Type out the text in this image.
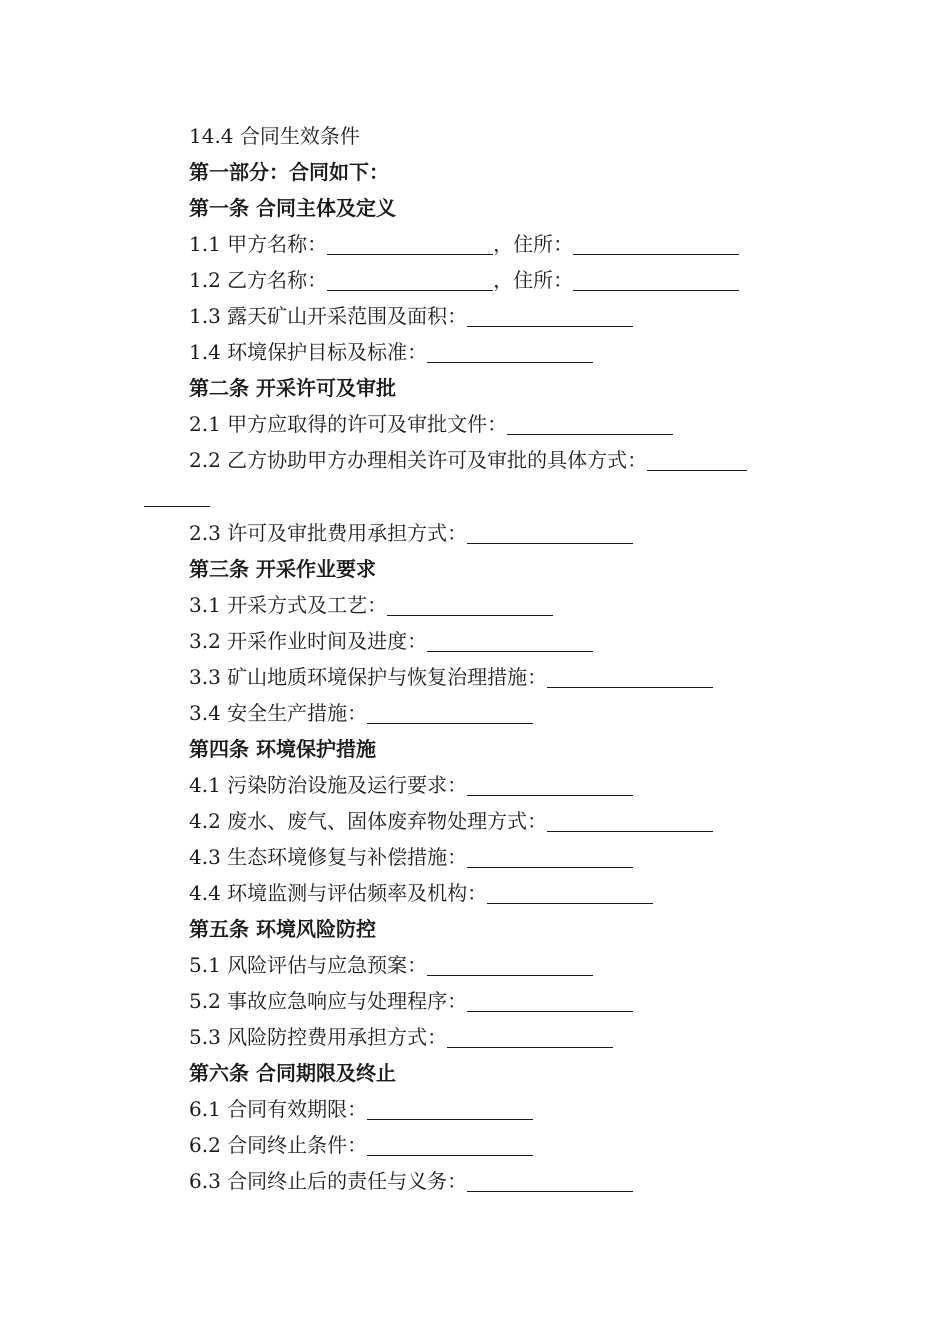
14.4 合同生效条件
第一部分：合同如下：
第一条 合同主体及定义
1.1 甲方名称：	，住所：
1.2 乙方名称：	，住所：
1.3 露天矿山开采范围及面积：
1.4 环境保护目标及标准：
第二条 开采许可及审批
2.1 甲方应取得的许可及审批文件：
2.2 乙方协助甲方办理相关许可及审批的具体方式：
2.3 许可及审批费用承担方式：
第三条 开采作业要求
3.1 开采方式及工艺：
3.2 开采作业时间及进度：
3.3 矿山地质环境保护与恢复治理措施：
3.4 安全生产措施：
第四条 环境保护措施
4.1 污染防治设施及运行要求：
4.2 废水、废气、固体废弃物处理方式：
4.3 生态环境修复与补偿措施：
4.4 环境监测与评估频率及机构：
第五条 环境风险防控
5.1 风险评估与应急预案：
5.2 事故应急响应与处理程序：
5.3 风险防控费用承担方式：
第六条 合同期限及终止
6.1 合同有效期限：
6.2 合同终止条件：
6.3 合同终止后的责任与义务：
